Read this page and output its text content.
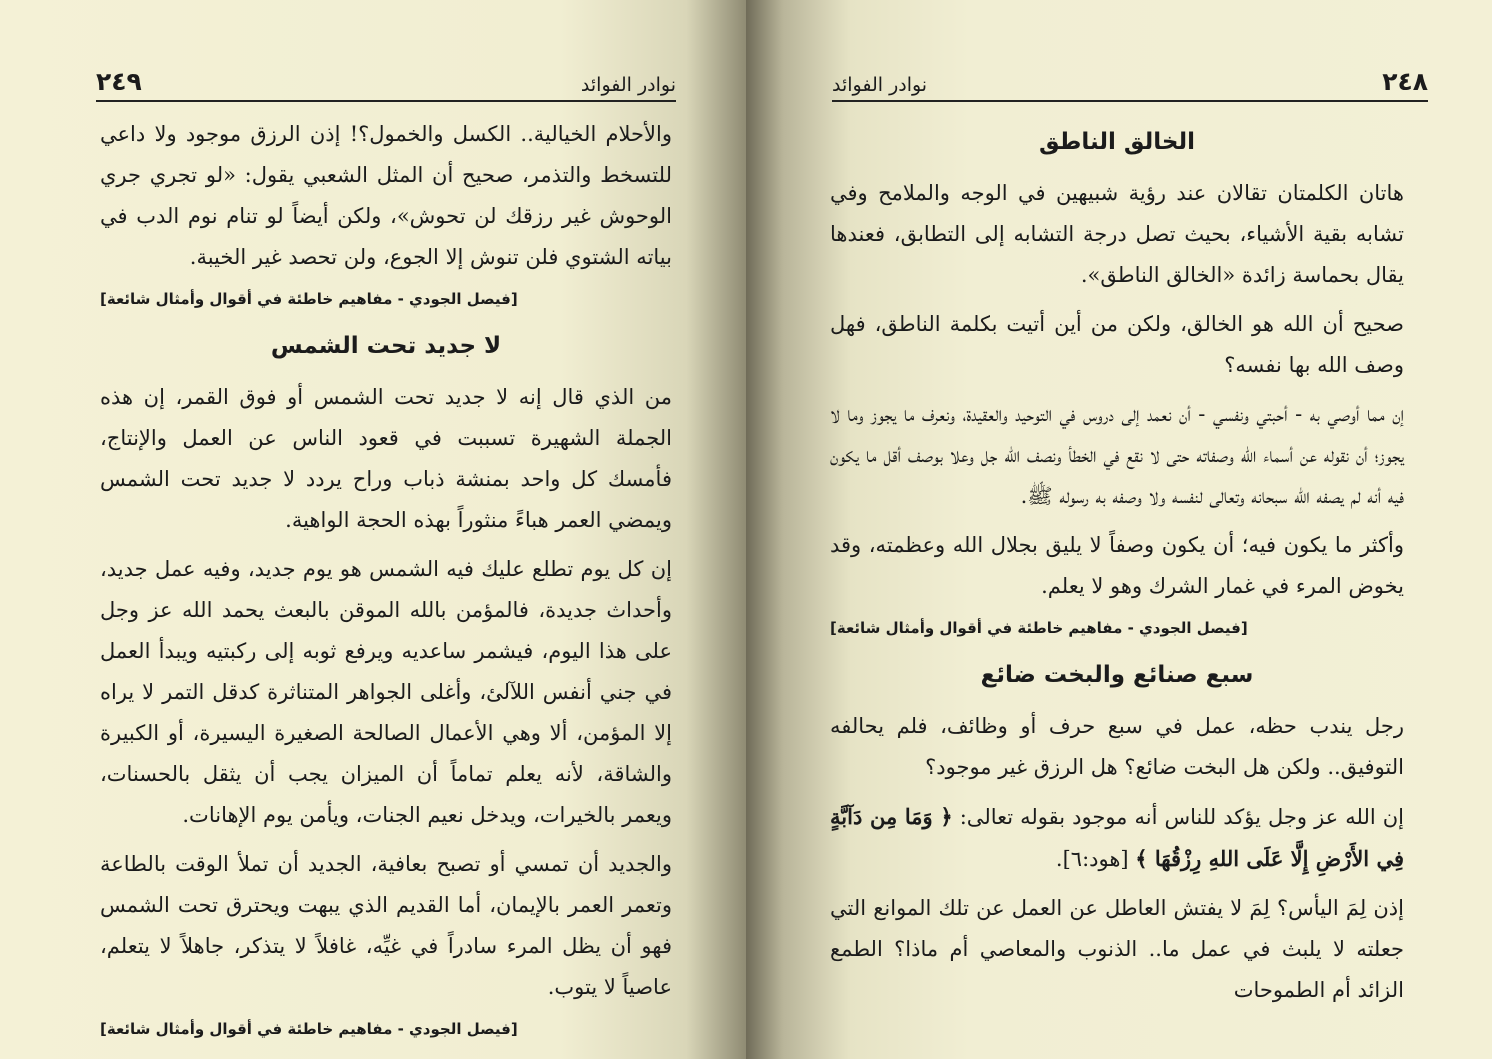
نوادر الفوائد
٢٤٩

والأحلام الخيالية.. الكسل والخمول؟! إذن الرزق موجود ولا داعي للتسخط والتذمر، صحيح أن المثل الشعبي يقول: «لو تجري جري الوحوش غير رزقك لن تحوش»، ولكن أيضاً لو تنام نوم الدب في بياته الشتوي فلن تنوش إلا الجوع، ولن تحصد غير الخيبة.

[فيصل الجودي - مفاهيم خاطئة في أقوال وأمثال شائعة]
لا جديد تحت الشمس

من الذي قال إنه لا جديد تحت الشمس أو فوق القمر، إن هذه الجملة الشهيرة تسببت في قعود الناس عن العمل والإنتاج، فأمسك كل واحد بمنشة ذباب وراح يردد لا جديد تحت الشمس ويمضي العمر هباءً منثوراً بهذه الحجة الواهية.

إن كل يوم تطلع عليك فيه الشمس هو يوم جديد، وفيه عمل جديد، وأحداث جديدة، فالمؤمن بالله الموقن بالبعث يحمد الله عز وجل على هذا اليوم، فيشمر ساعديه ويرفع ثوبه إلى ركبتيه ويبدأ العمل في جني أنفس اللآلئ، وأغلى الجواهر المتناثرة كدقل التمر لا يراه إلا المؤمن، ألا وهي الأعمال الصالحة الصغيرة اليسيرة، أو الكبيرة والشاقة، لأنه يعلم تماماً أن الميزان يجب أن يثقل بالحسنات، ويعمر بالخيرات، ويدخل نعيم الجنات، ويأمن يوم الإهانات.

والجديد أن تمسي أو تصبح بعافية، الجديد أن تملأ الوقت بالطاعة وتعمر العمر بالإيمان، أما القديم الذي يبهت ويحترق تحت الشمس فهو أن يظل المرء سادراً في غيِّه، غافلاً لا يتذكر، جاهلاً لا يتعلم، عاصياً لا يتوب.

[فيصل الجودي - مفاهيم خاطئة في أقوال وأمثال شائعة]
٢٤٨
نوادر الفوائد
الخالق الناطق

هاتان الكلمتان تقالان عند رؤية شبيهين في الوجه والملامح وفي تشابه بقية الأشياء، بحيث تصل درجة التشابه إلى التطابق، فعندها يقال بحماسة زائدة «الخالق الناطق».

صحيح أن الله هو الخالق، ولكن من أين أتيت بكلمة الناطق، فهل وصف الله بها نفسه؟

إن مما أوصي به - أحبتي ونفسي - أن نعمد إلى دروس في التوحيد والعقيدة، ونعرف ما يجوز وما لا يجوز؛ أن نقوله عن أسماء الله وصفاته حتى لا نقع في الخطأ ونصف الله جل وعلا بوصف أقل ما يكون فيه أنه لم يصفه الله سبحانه وتعالى لنفسه ولا وصفه به رسوله ﷺ.

وأكثر ما يكون فيه؛ أن يكون وصفاً لا يليق بجلال الله وعظمته، وقد يخوض المرء في غمار الشرك وهو لا يعلم.

[فيصل الجودي - مفاهيم خاطئة في أقوال وأمثال شائعة]
سبع صنائع والبخت ضائع

رجل يندب حظه، عمل في سبع حرف أو وظائف، فلم يحالفه التوفيق.. ولكن هل البخت ضائع؟ هل الرزق غير موجود؟

إن الله عز وجل يؤكد للناس أنه موجود بقوله تعالى: ﴿ وَمَا مِن دَآبَّةٍ فِي الأَرْضِ إِلَّا عَلَى اللهِ رِزْقُهَا ﴾ [هود:٦].

إذن لِمَ اليأس؟ لِمَ لا يفتش العاطل عن العمل عن تلك الموانع التي جعلته لا يلبث في عمل ما.. الذنوب والمعاصي أم ماذا؟ الطمع الزائد أم الطموحات
